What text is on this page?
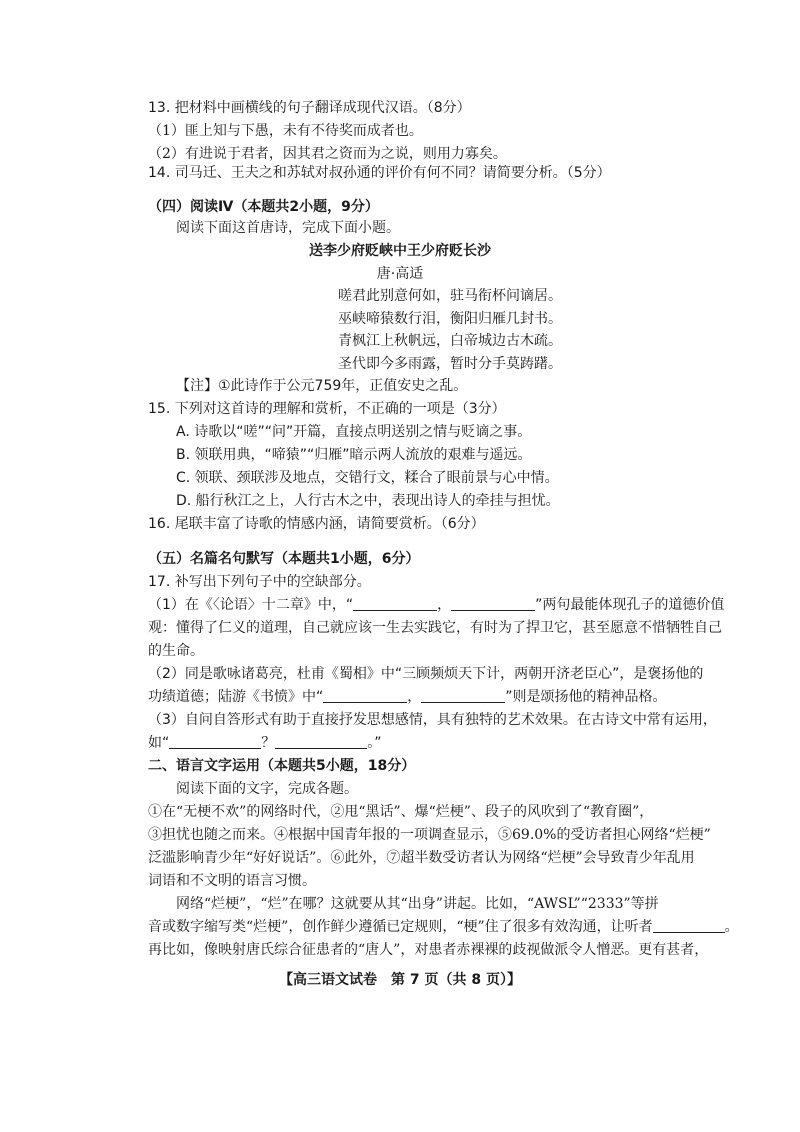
13. 把材料中画横线的句子翻译成现代汉语。（8分）
（1）匪上知与下愚，未有不待奖而成者也。
（2）有进说于君者，因其君之资而为之说，则用力寡矣。
14. 司马迁、王夫之和苏轼对叔孙通的评价有何不同？请简要分析。（5分）
（四）阅读Ⅳ（本题共2小题，9分）
阅读下面这首唐诗，完成下面小题。
送李少府贬峡中王少府贬长沙
唐·高适
嗟君此别意何如，驻马衔杯问谪居。
巫峡啼猿数行泪，衡阳归雁几封书。
青枫江上秋帆远，白帝城边古木疏。
圣代即今多雨露，暂时分手莫踌躇。
【注】①此诗作于公元759年，正值安史之乱。
15. 下列对这首诗的理解和赏析，不正确的一项是（3分）
A. 诗歌以“嗟”“问”开篇，直接点明送别之情与贬谪之事。
B. 领联用典，“啼猿”“归雁”暗示两人流放的艰难与遥远。
C. 领联、颈联涉及地点，交错行文，糅合了眼前景与心中情。
D. 船行秋江之上，人行古木之中，表现出诗人的牵挂与担忧。
16. 尾联丰富了诗歌的情感内涵，请简要赏析。（6分）
（五）名篇名句默写（本题共1小题，6分）
17. 补写出下列句子中的空缺部分。
（1）在《〈论语〉十二章》中，“	，	”两句最能体现孔子的道德价值
观：懂得了仁义的道理，自己就应该一生去实践它，有时为了捍卫它，甚至愿意不惜牺牲自己
的生命。
（2）同是歌咏诸葛亮，杜甫《蜀相》中“三顾频烦天下计，两朝开济老臣心”，是褒扬他的
功绩道德；陆游《书愤》中“	，	”则是颂扬他的精神品格。
（3）自问自答形式有助于直接抒发思想感情，具有独特的艺术效果。在古诗文中常有运用，
如“	？	。”
二、语言文字运用（本题共5小题，18分）
阅读下面的文字，完成各题。
①在“无梗不欢”的网络时代，②甩“黑话”、爆“烂梗”、段子的风吹到了“教育圈”，
③担忧也随之而来。④根据中国青年报的一项调查显示，⑤69.0%的受访者担心网络“烂梗”
泛滥影响青少年“好好说话”。⑥此外，⑦超半数受访者认为网络“烂梗”会导致青少年乱用
词语和不文明的语言习惯。
网络“烂梗”，“烂”在哪？这就要从其“出身”讲起。比如，“AWSL”“2333”等拼
音或数字缩写类“烂梗”，创作鲜少遵循已定规则，“梗”住了很多有效沟通，让听者	。
再比如，像映射唐氏综合征患者的“唐人”，对患者赤裸裸的歧视做派令人憎恶。更有甚者，
【高三语文试卷　第 7 页（共 8 页）】
